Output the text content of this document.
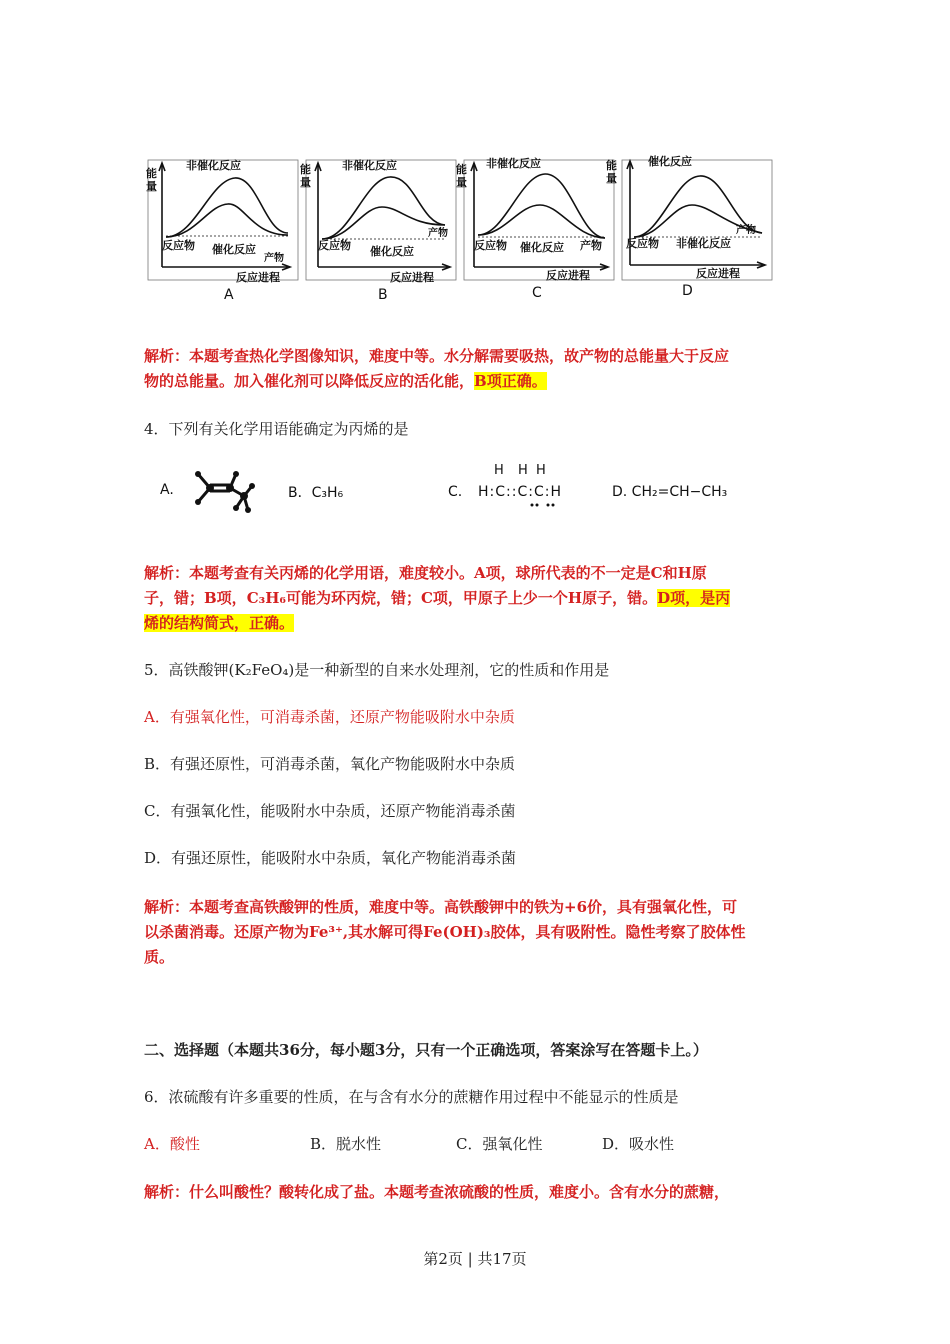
能量
非催化反应
反应物 催化反应
产物
反应进程
A
能量
非催化反应
反应物 催化反应
产物
反应进程
B
能量
非催化反应
反应物 催化反应 产物
反应进程
C
能量
催化反应
反应物 非催化反应
产物
反应进程
D
解析：本题考查热化学图像知识，难度中等。水分解需要吸热，故产物的总能量大于反应
物的总能量。加入催化剂可以降低反应的活化能，B项正确。
4．下列有关化学用语能确定为丙烯的是
A.	B．C₃H₆	C.
H  H H
H:C::C:C:H	D. CH₂=CH−CH₃
解析：本题考查有关丙烯的化学用语，难度较小。A项，球所代表的不一定是C和H原
子，错；B项，C₃H₆可能为环丙烷，错；C项，甲原子上少一个H原子，错。D项，是丙
烯的结构简式，正确。
5．高铁酸钾(K₂FeO₄)是一种新型的自来水处理剂，它的性质和作用是
A．有强氧化性，可消毒杀菌，还原产物能吸附水中杂质
B．有强还原性，可消毒杀菌，氧化产物能吸附水中杂质
C．有强氧化性，能吸附水中杂质，还原产物能消毒杀菌
D．有强还原性，能吸附水中杂质，氧化产物能消毒杀菌
解析：本题考查高铁酸钾的性质，难度中等。高铁酸钾中的铁为+6价，具有强氧化性，可
以杀菌消毒。还原产物为Fe³⁺,其水解可得Fe(OH)₃胶体，具有吸附性。隐性考察了胶体性
质。
二、选择题（本题共36分，每小题3分，只有一个正确选项，答案涂写在答题卡上。）
6．浓硫酸有许多重要的性质，在与含有水分的蔗糖作用过程中不能显示的性质是
A．酸性	B．脱水性	C．强氧化性	D．吸水性
解析：什么叫酸性？酸转化成了盐。本题考查浓硫酸的性质，难度小。含有水分的蔗糖，
第2页 | 共17页
